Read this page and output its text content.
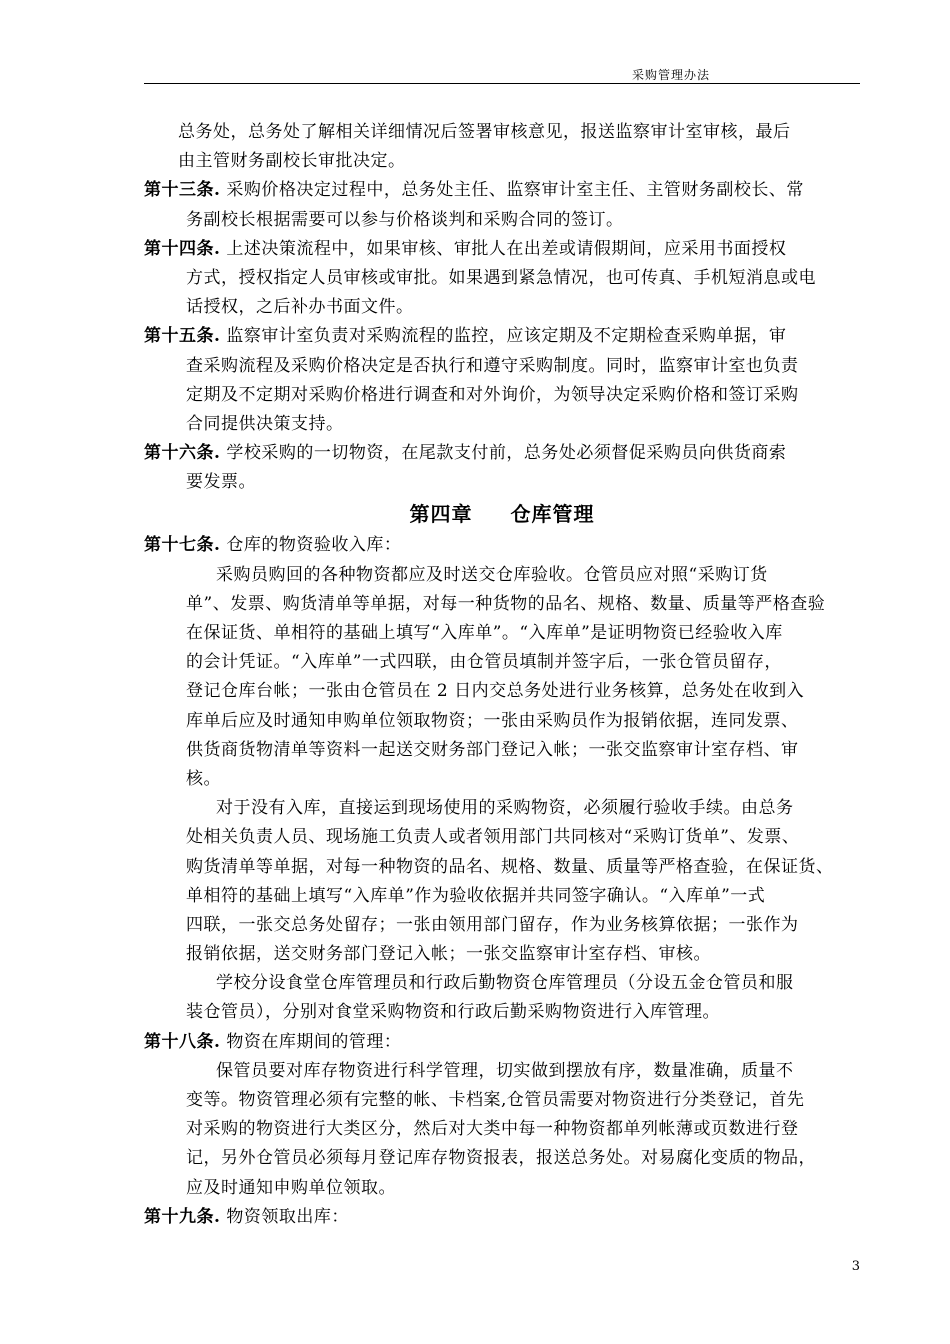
采购管理办法
总务处，总务处了解相关详细情况后签署审核意见，报送监察审计室审核，最后
由主管财务副校长审批决定。
第十三条. 采购价格决定过程中，总务处主任、监察审计室主任、主管财务副校长、常
务副校长根据需要可以参与价格谈判和采购合同的签订。
第十四条. 上述决策流程中，如果审核、审批人在出差或请假期间，应采用书面授权
方式，授权指定人员审核或审批。如果遇到紧急情况，也可传真、手机短消息或电
话授权，之后补办书面文件。
第十五条. 监察审计室负责对采购流程的监控，应该定期及不定期检查采购单据，审
查采购流程及采购价格决定是否执行和遵守采购制度。同时，监察审计室也负责
定期及不定期对采购价格进行调查和对外询价，为领导决定采购价格和签订采购
合同提供决策支持。
第十六条. 学校采购的一切物资，在尾款支付前，总务处必须督促采购员向供货商索
要发票。
第四章 仓库管理
第十七条. 仓库的物资验收入库：
采购员购回的各种物资都应及时送交仓库验收。仓管员应对照“采购订货
单”、发票、购货清单等单据，对每一种货物的品名、规格、数量、质量等严格查验
在保证货、单相符的基础上填写“入库单”。“入库单”是证明物资已经验收入库
的会计凭证。“入库单”一式四联，由仓管员填制并签字后，一张仓管员留存，
登记仓库台帐；一张由仓管员在 2 日内交总务处进行业务核算，总务处在收到入
库单后应及时通知申购单位领取物资；一张由采购员作为报销依据，连同发票、
供货商货物清单等资料一起送交财务部门登记入帐；一张交监察审计室存档、审
核。
对于没有入库，直接运到现场使用的采购物资，必须履行验收手续。由总务
处相关负责人员、现场施工负责人或者领用部门共同核对“采购订货单”、发票、
购货清单等单据，对每一种物资的品名、规格、数量、质量等严格查验，在保证货、
单相符的基础上填写“入库单”作为验收依据并共同签字确认。“入库单”一式
四联，一张交总务处留存；一张由领用部门留存，作为业务核算依据；一张作为
报销依据，送交财务部门登记入帐；一张交监察审计室存档、审核。
学校分设食堂仓库管理员和行政后勤物资仓库管理员（分设五金仓管员和服
装仓管员），分别对食堂采购物资和行政后勤采购物资进行入库管理。
第十八条. 物资在库期间的管理：
保管员要对库存物资进行科学管理，切实做到摆放有序，数量准确，质量不
变等。物资管理必须有完整的帐、卡档案,仓管员需要对物资进行分类登记，首先
对采购的物资进行大类区分，然后对大类中每一种物资都单列帐薄或页数进行登
记，另外仓管员必须每月登记库存物资报表，报送总务处。对易腐化变质的物品，
应及时通知申购单位领取。
第十九条. 物资领取出库：
3
